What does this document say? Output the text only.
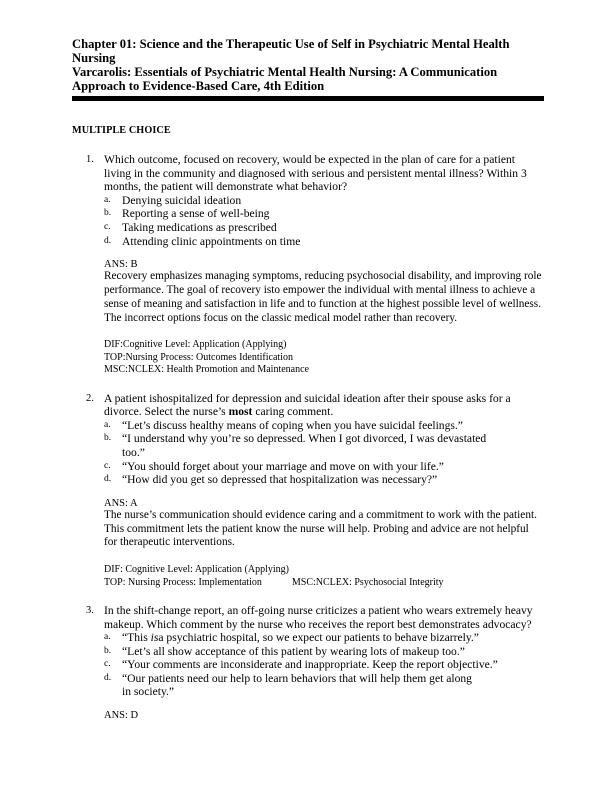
Chapter 01: Science and the Therapeutic Use of Self in Psychiatric Mental Health
Nursing
Varcarolis: Essentials of Psychiatric Mental Health Nursing: A Communication
Approach to Evidence-Based Care, 4th Edition
MULTIPLE CHOICE
1. Which outcome, focused on recovery, would be expected in the plan of care for a patient living in the community and diagnosed with serious and persistent mental illness? Within 3 months, the patient will demonstrate what behavior?
a. Denying suicidal ideation
b. Reporting a sense of well-being
c. Taking medications as prescribed
d. Attending clinic appointments on time
ANS: B
Recovery emphasizes managing symptoms, reducing psychosocial disability, and improving role performance. The goal of recovery isto empower the individual with mental illness to achieve a sense of meaning and satisfaction in life and to function at the highest possible level of wellness. The incorrect options focus on the classic medical model rather than recovery.
DIF:Cognitive Level: Application (Applying)
TOP:Nursing Process: Outcomes Identification
MSC:NCLEX: Health Promotion and Maintenance
2. A patient ishospitalized for depression and suicidal ideation after their spouse asks for a divorce. Select the nurse’s most caring comment.
a. “Let’s discuss healthy means of coping when you have suicidal feelings.”
b. “I understand why you’re so depressed. When I got divorced, I was devastated too.”
c. “You should forget about your marriage and move on with your life.”
d. “How did you get so depressed that hospitalization was necessary?”
ANS: A
The nurse’s communication should evidence caring and a commitment to work with the patient. This commitment lets the patient know the nurse will help. Probing and advice are not helpful for therapeutic interventions.
DIF: Cognitive Level: Application (Applying)
TOP: Nursing Process: Implementation	MSC:NCLEX: Psychosocial Integrity
3. In the shift-change report, an off-going nurse criticizes a patient who wears extremely heavy makeup. Which comment by the nurse who receives the report best demonstrates advocacy?
a. “This isa psychiatric hospital, so we expect our patients to behave bizarrely.”
b. “Let’s all show acceptance of this patient by wearing lots of makeup too.”
c. “Your comments are inconsiderate and inappropriate. Keep the report objective.”
d. “Our patients need our help to learn behaviors that will help them get along in society.”
ANS: D
